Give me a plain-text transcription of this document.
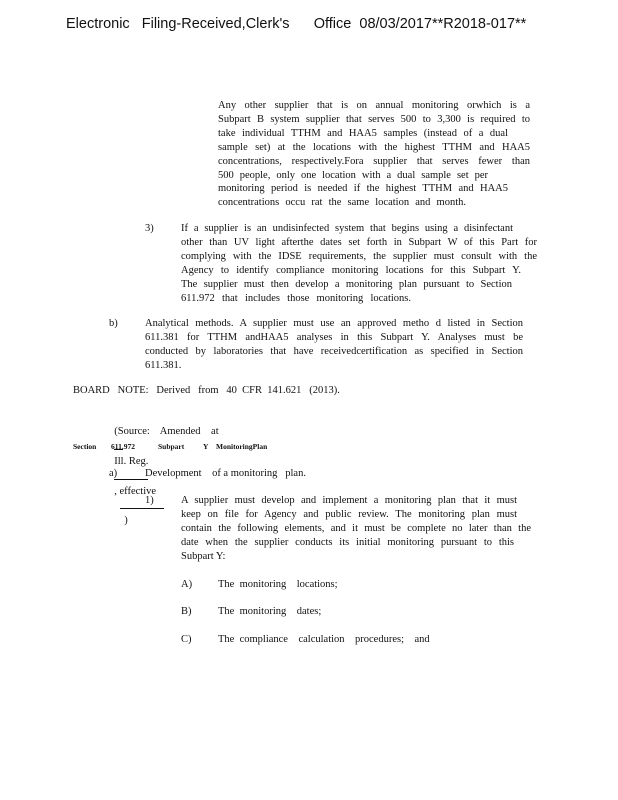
Electronic   Filing-Received,Clerk's      Office  08/03/2017**R2018-017**
Any other supplier that is on annual monitoring orwhich is a
Subpart B system supplier that serves 500 to 3,300 is required to
take individual TTHM and HAA5 samples (instead of a dual
sample set) at the locations with the highest TTHM and HAA5
concentrations, respectively.Fora supplier that serves fewer than
500 people, only one location with a dual sample set per
monitoring period is needed if the highest TTHM and HAA5
concentrations occu rat the same location and month.
3)	If a supplier is an undisinfected system that begins using a disinfectant
other than UV light afterthe dates set forth in Subpart W of this Part for
complying with the IDSE requirements, the supplier must consult with the
Agency to identify compliance monitoring locations for this Subpart Y.
The supplier must then develop a monitoring plan pursuant to Section
611.972 that includes those monitoring locations.
b)	Analytical methods. A supplier must use an approved metho d listed in Section
611.381 for TTHM andHAA5 analyses in this Subpart Y. Analyses must be
conducted by laboratories that have receivedcertification as specified in Section
611.381.
BOARD   NOTE:   Derived   from   40  CFR  141.621   (2013).

(Source:    Amended    at

Ill. Reg.

, effective

)

Section 611.972	Subpart Y MonitoringPlan
a)	Development    of a monitoring   plan.
1)	A supplier must develop and implement a monitoring plan that it must
keep on file for Agency and public review. The monitoring plan must
contain the following elements, and it must be complete no later than the
date when the supplier conducts its initial monitoring pursuant to this
Subpart Y:
A) The  monitoring    locations;
B)	The  monitoring    dates;
C)	The  compliance    calculation    procedures;    and
